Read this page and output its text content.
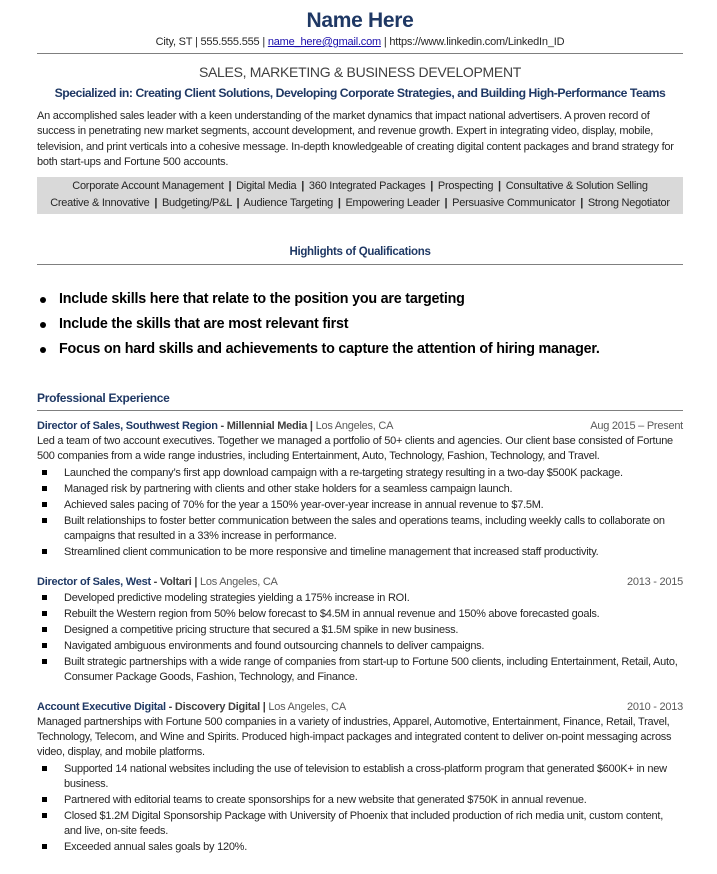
Name Here
City, ST | 555.555.555 | name_here@gmail.com | https://www.linkedin.com/LinkedIn_ID
SALES, MARKETING & BUSINESS DEVELOPMENT
Specialized in: Creating Client Solutions, Developing Corporate Strategies, and Building High-Performance Teams
An accomplished sales leader with a keen understanding of the market dynamics that impact national advertisers. A proven record of success in penetrating new market segments, account development, and revenue growth. Expert in integrating video, display, mobile, television, and print verticals into a cohesive message. In-depth knowledgeable of creating digital content packages and brand strategy for both start-ups and Fortune 500 accounts.
Corporate Account Management | Digital Media | 360 Integrated Packages | Prospecting | Consultative & Solution Selling
Creative & Innovative | Budgeting/P&L | Audience Targeting | Empowering Leader | Persuasive Communicator | Strong Negotiator
Highlights of Qualifications
Include skills here that relate to the position you are targeting
Include the skills that are most relevant first
Focus on hard skills and achievements to capture the attention of hiring manager.
Professional Experience
Director of Sales, Southwest Region - Millennial Media | Los Angeles, CA	Aug 2015 – Present
Led a team of two account executives. Together we managed a portfolio of 50+ clients and agencies. Our client base consisted of Fortune 500 companies from a wide range industries, including Entertainment, Auto, Technology, Fashion, Technology, and Travel.
Launched the company’s first app download campaign with a re-targeting strategy resulting in a two-day $500K package.
Managed risk by partnering with clients and other stake holders for a seamless campaign launch.
Achieved sales pacing of 70% for the year a 150% year-over-year increase in annual revenue to $7.5M.
Built relationships to foster better communication between the sales and operations teams, including weekly calls to collaborate on campaigns that resulted in a 33% increase in performance.
Streamlined client communication to be more responsive and timeline management that increased staff productivity.
Director of Sales, West - Voltari | Los Angeles, CA	2013 - 2015
Developed predictive modeling strategies yielding a 175% increase in ROI.
Rebuilt the Western region from 50% below forecast to $4.5M in annual revenue and 150% above forecasted goals.
Designed a competitive pricing structure that secured a $1.5M spike in new business.
Navigated ambiguous environments and found outsourcing channels to deliver campaigns.
Built strategic partnerships with a wide range of companies from start-up to Fortune 500 clients, including Entertainment, Retail, Auto, Consumer Package Goods, Fashion, Technology, and Finance.
Account Executive Digital - Discovery Digital | Los Angeles, CA	2010 - 2013
Managed partnerships with Fortune 500 companies in a variety of industries, Apparel, Automotive, Entertainment, Finance, Retail, Travel, Technology, Telecom, and Wine and Spirits. Produced high-impact packages and integrated content to deliver on-point messaging across video, display, and mobile platforms.
Supported 14 national websites including the use of television to establish a cross-platform program that generated $600K+ in new business.
Partnered with editorial teams to create sponsorships for a new website that generated $750K in annual revenue.
Closed $1.2M Digital Sponsorship Package with University of Phoenix that included production of rich media unit, custom content, and live, on-site feeds.
Exceeded annual sales goals by 120%.
